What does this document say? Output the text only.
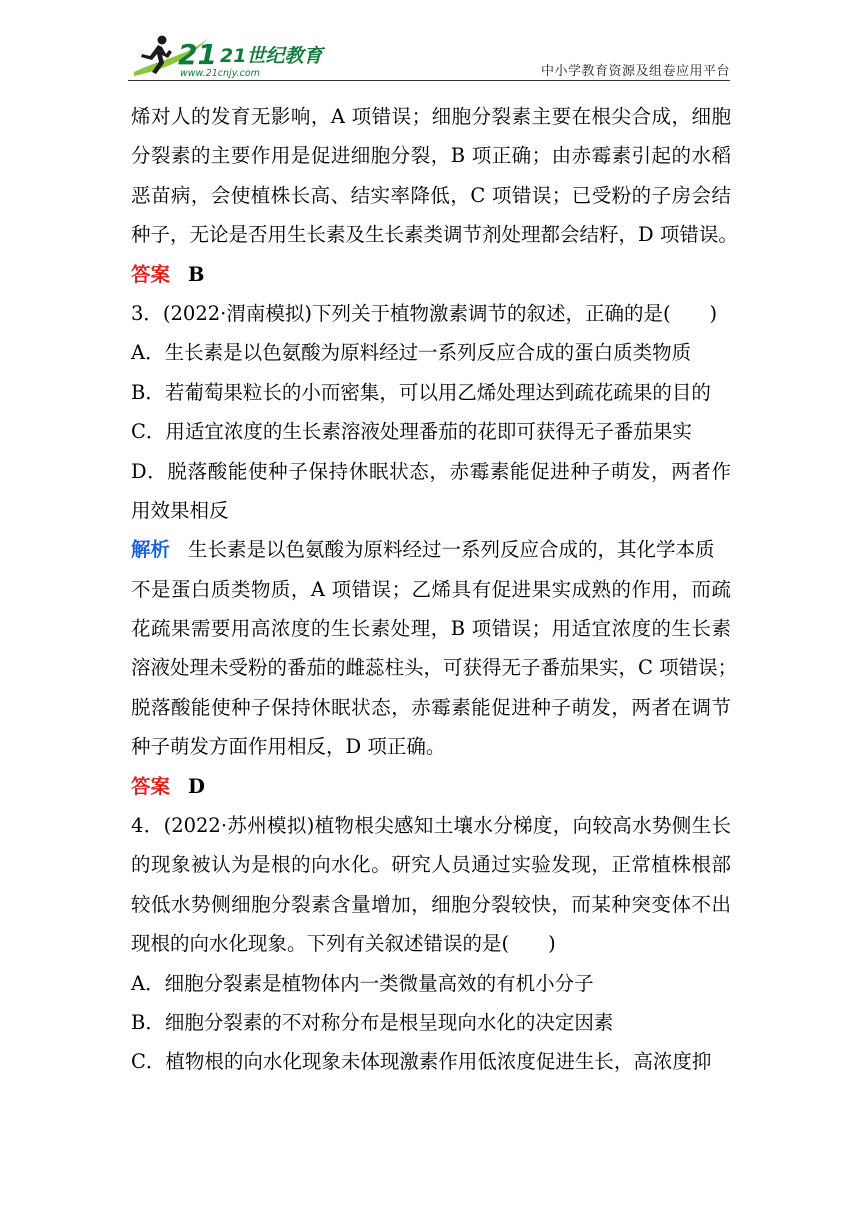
21 21世纪教育
www.21cnjy.com	中小学教育资源及组卷应用平台
烯对人的发育无影响，A 项错误；细胞分裂素主要在根尖合成，细胞
分裂素的主要作用是促进细胞分裂，B 项正确；由赤霉素引起的水稻
恶苗病，会使植株长高、结实率降低，C 项错误；已受粉的子房会结
种子，无论是否用生长素及生长素类调节剂处理都会结籽，D 项错误。
答案 B
3．(2022·渭南模拟)下列关于植物激素调节的叙述，正确的是(　　)
A．生长素是以色氨酸为原料经过一系列反应合成的蛋白质类物质
B．若葡萄果粒长的小而密集，可以用乙烯处理达到疏花疏果的目的
C．用适宜浓度的生长素溶液处理番茄的花即可获得无子番茄果实
D．脱落酸能使种子保持休眠状态，赤霉素能促进种子萌发，两者作
用效果相反
解析 生长素是以色氨酸为原料经过一系列反应合成的，其化学本质
不是蛋白质类物质，A 项错误；乙烯具有促进果实成熟的作用，而疏
花疏果需要用高浓度的生长素处理，B 项错误；用适宜浓度的生长素
溶液处理未受粉的番茄的雌蕊柱头，可获得无子番茄果实，C 项错误；
脱落酸能使种子保持休眠状态，赤霉素能促进种子萌发，两者在调节
种子萌发方面作用相反，D 项正确。
答案 D
4．(2022·苏州模拟)植物根尖感知土壤水分梯度，向较高水势侧生长
的现象被认为是根的向水化。研究人员通过实验发现，正常植株根部
较低水势侧细胞分裂素含量增加，细胞分裂较快，而某种突变体不出
现根的向水化现象。下列有关叙述错误的是(　　)
A．细胞分裂素是植物体内一类微量高效的有机小分子
B．细胞分裂素的不对称分布是根呈现向水化的决定因素
C．植物根的向水化现象未体现激素作用低浓度促进生长，高浓度抑
